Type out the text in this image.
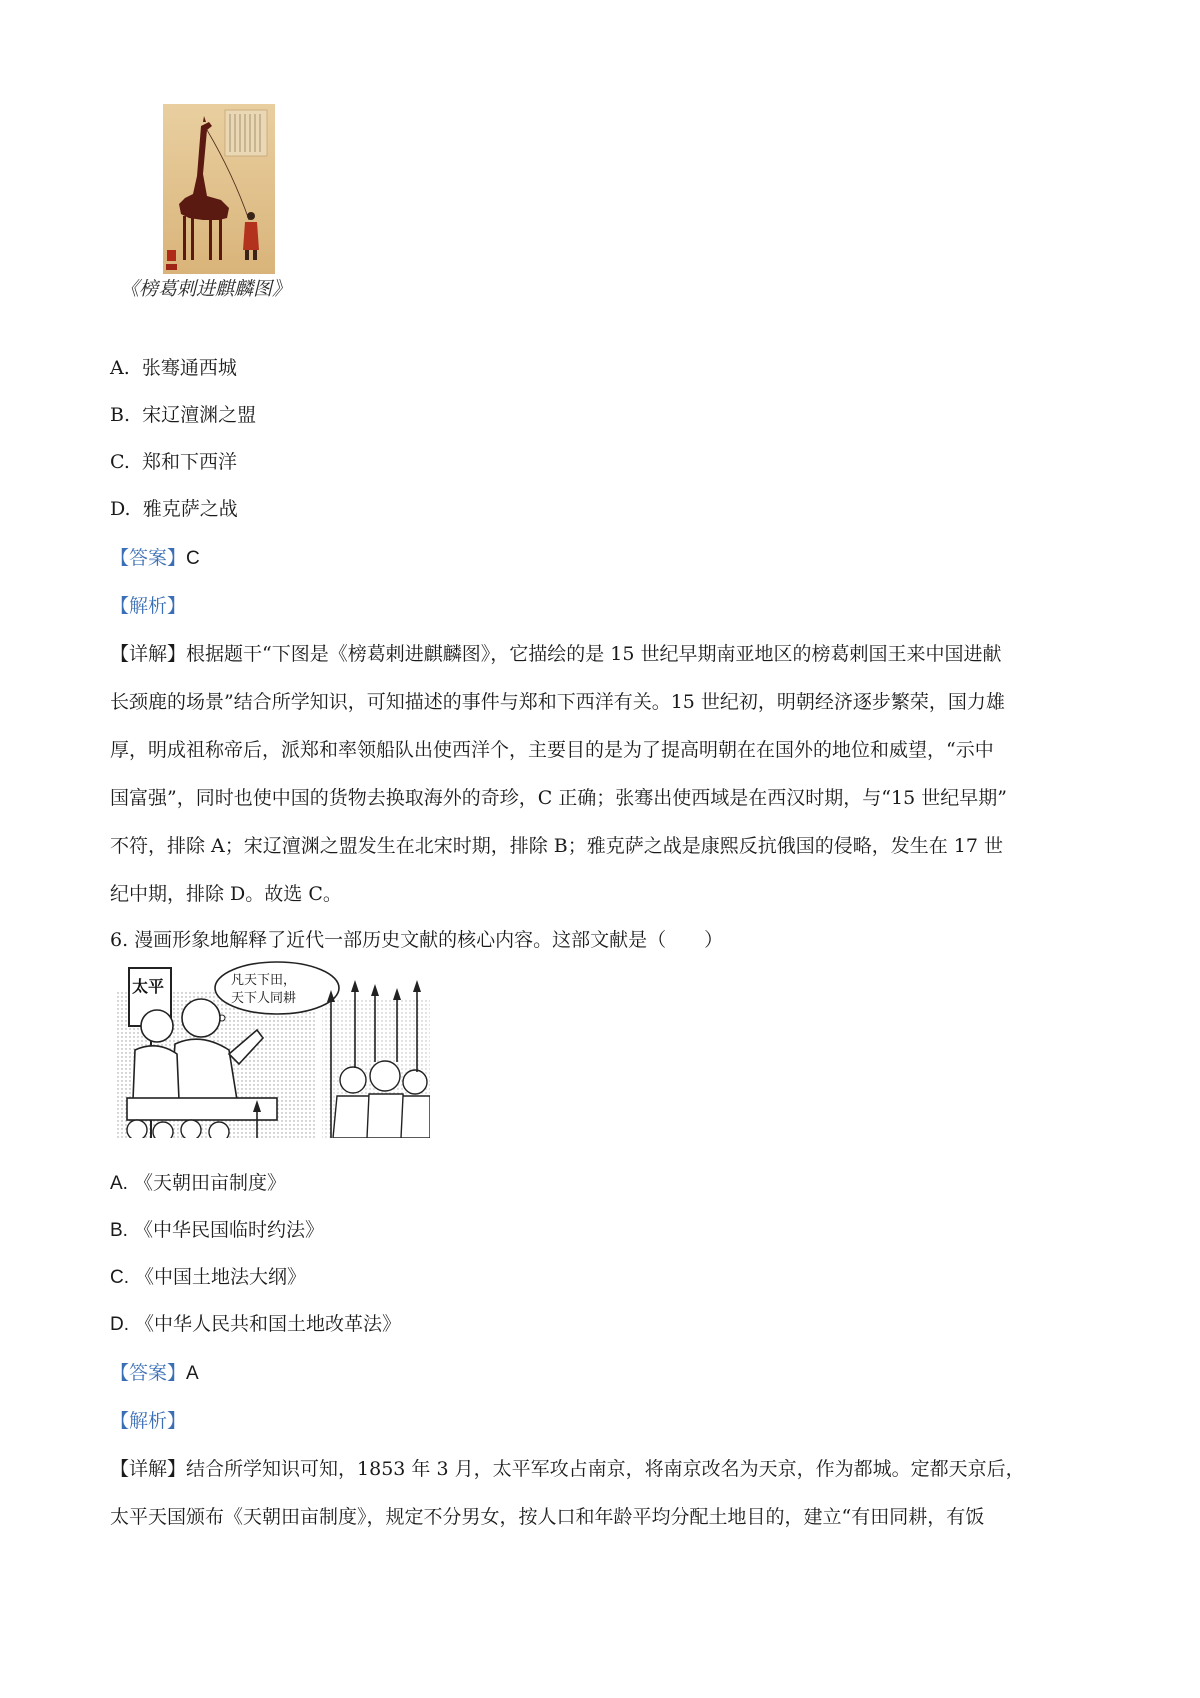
《榜葛剌进麒麟图》
A. 张骞通西城
B. 宋辽澶渊之盟
C. 郑和下西洋
D. 雅克萨之战
【答案】C
【解析】
【详解】根据题干“下图是《榜葛剌进麒麟图》，它描绘的是 15 世纪早期南亚地区的榜葛剌国王来中国进献
长颈鹿的场景”结合所学知识，可知描述的事件与郑和下西洋有关。15 世纪初，明朝经济逐步繁荣，国力雄
厚，明成祖称帝后，派郑和率领船队出使西洋个，主要目的是为了提高明朝在在国外的地位和威望，“示中
国富强”，同时也使中国的货物去换取海外的奇珍，C 正确；张骞出使西域是在西汉时期，与“15 世纪早期”
不符，排除 A；宋辽澶渊之盟发生在北宋时期，排除 B；雅克萨之战是康熙反抗俄国的侵略，发生在 17 世
纪中期，排除 D。故选 C。
6. 漫画形象地解释了近代一部历史文献的核心内容。这部文献是（　　）
太平	凡天下田，
天下人同耕
A. 《天朝田亩制度》
B. 《中华民国临时约法》
C. 《中国土地法大纲》
D. 《中华人民共和国土地改革法》
【答案】A
【解析】
【详解】结合所学知识可知，1853 年 3 月，太平军攻占南京，将南京改名为天京，作为都城。定都天京后，
太平天国颁布《天朝田亩制度》，规定不分男女，按人口和年龄平均分配土地目的，建立“有田同耕，有饭
